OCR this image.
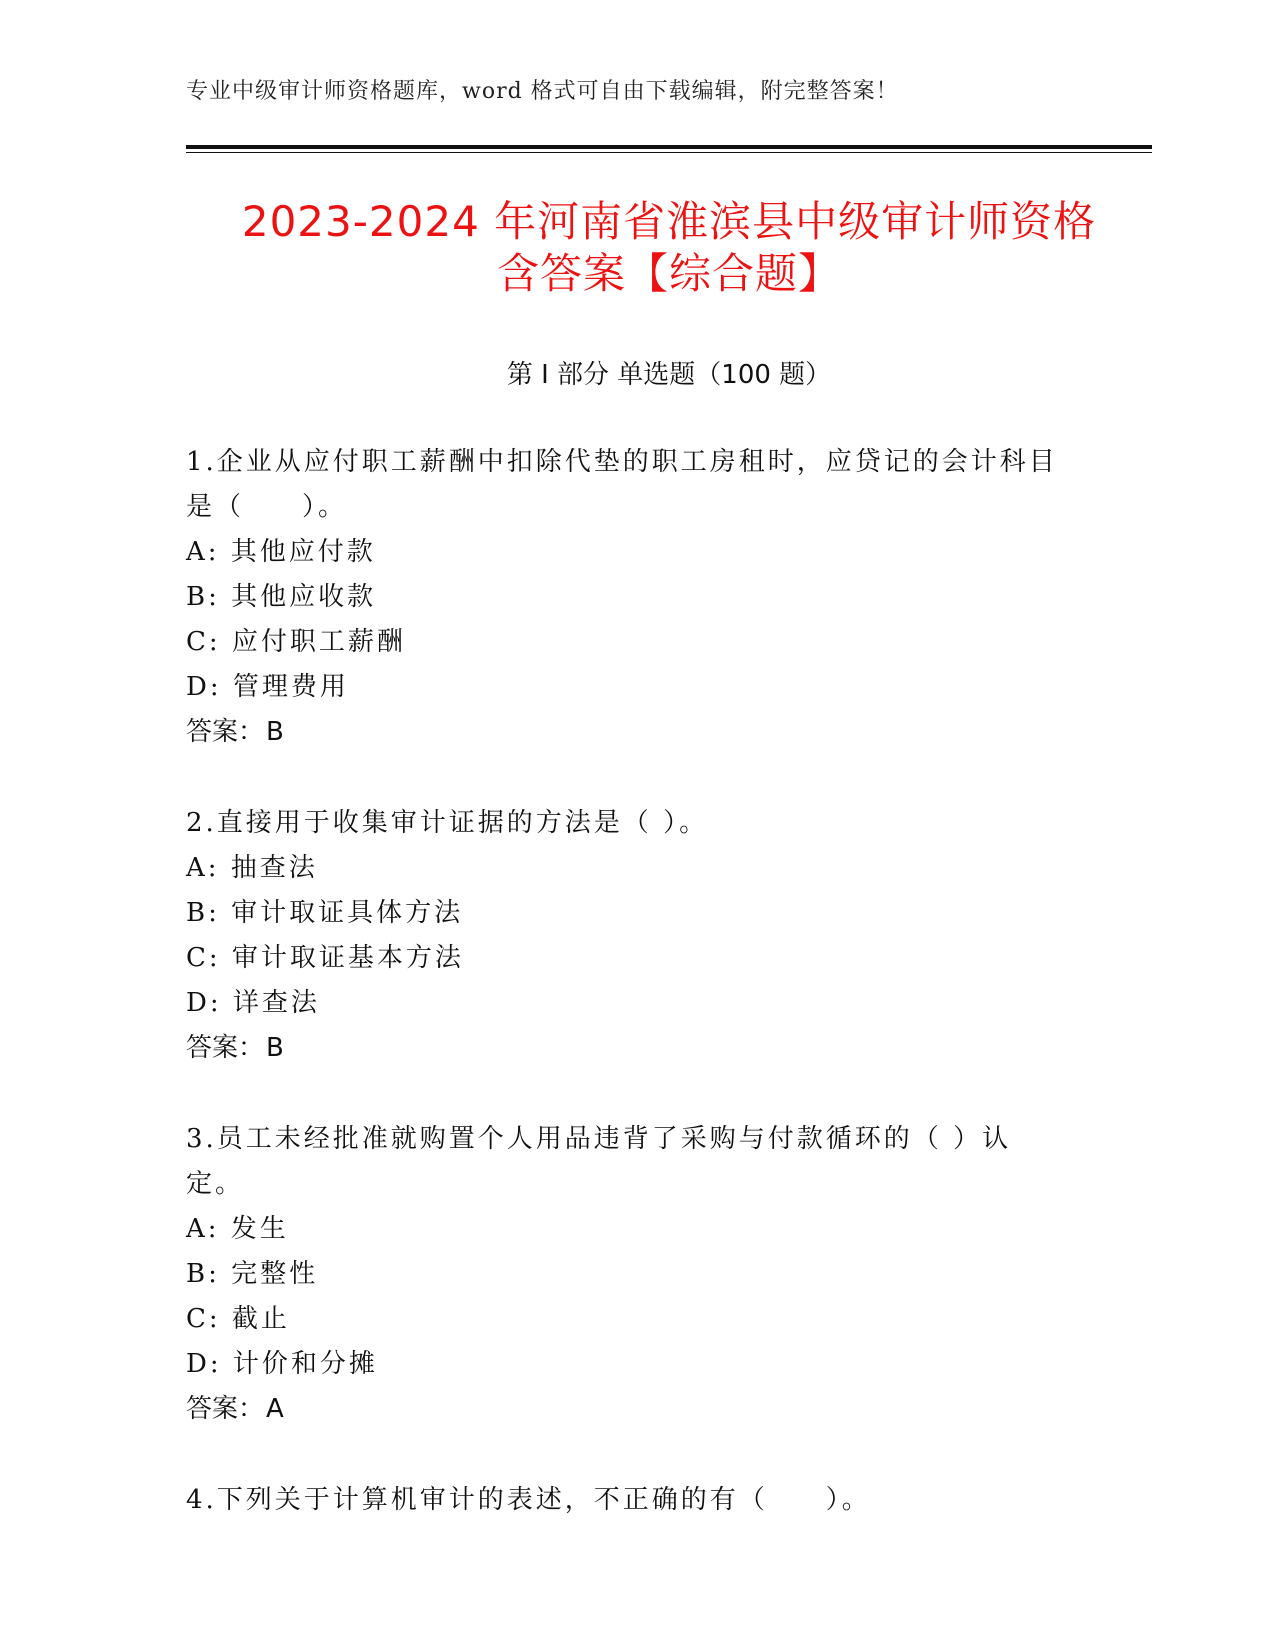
专业中级审计师资格题库，word 格式可自由下载编辑，附完整答案！
2023-2024 年河南省淮滨县中级审计师资格
含答案【综合题】
第 I 部分 单选题（100 题）
1.企业从应付职工薪酬中扣除代垫的职工房租时，应贷记的会计科目是（　　）。
A: 其他应付款
B: 其他应收款
C: 应付职工薪酬
D: 管理费用
答案：B
2.直接用于收集审计证据的方法是（ ）。
A: 抽查法
B: 审计取证具体方法
C: 审计取证基本方法
D: 详查法
答案：B
3.员工未经批准就购置个人用品违背了采购与付款循环的（ ）认定。
A: 发生
B: 完整性
C: 截止
D: 计价和分摊
答案：A
4.下列关于计算机审计的表述，不正确的有（　　）。
